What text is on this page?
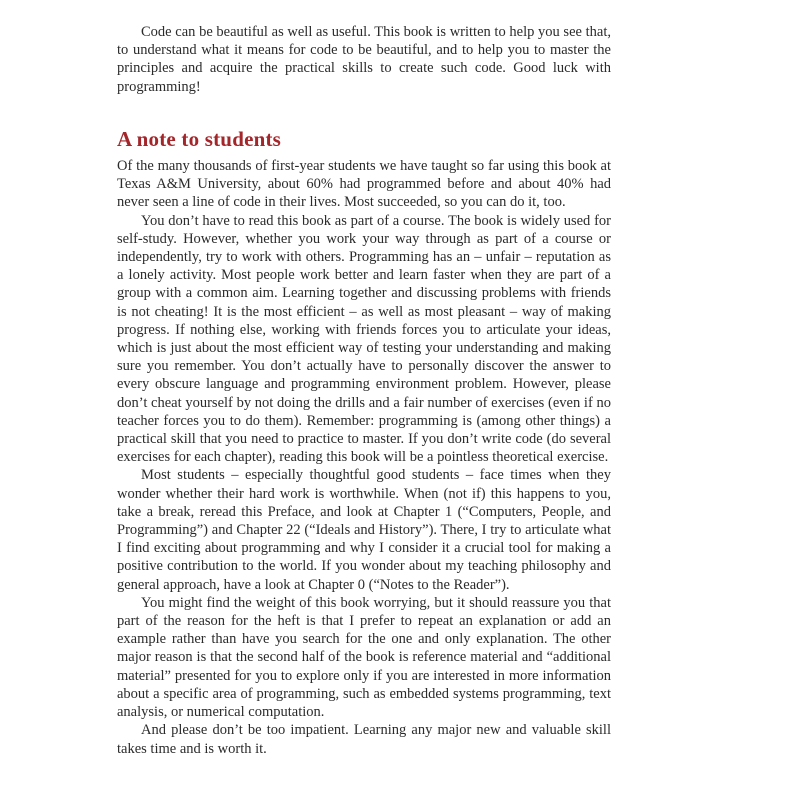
Code can be beautiful as well as useful. This book is written to help you see that, to understand what it means for code to be beautiful, and to help you to master the principles and acquire the practical skills to create such code. Good luck with programming!

A note to students

Of the many thousands of first-year students we have taught so far using this book at Texas A&M University, about 60% had programmed before and about 40% had never seen a line of code in their lives. Most succeeded, so you can do it, too.

You don’t have to read this book as part of a course. The book is widely used for self-study. However, whether you work your way through as part of a course or independently, try to work with others. Programming has an – unfair – reputation as a lonely activity. Most people work better and learn faster when they are part of a group with a common aim. Learning together and discussing problems with friends is not cheating! It is the most efficient – as well as most pleasant – way of making progress. If nothing else, working with friends forces you to articulate your ideas, which is just about the most efficient way of testing your understanding and making sure you remember. You don’t actually have to personally discover the answer to every obscure language and programming environment problem. However, please don’t cheat yourself by not doing the drills and a fair number of exercises (even if no teacher forces you to do them). Remember: programming is (among other things) a practical skill that you need to practice to master. If you don’t write code (do several exercises for each chapter), reading this book will be a pointless theoretical exercise.

Most students – especially thoughtful good students – face times when they wonder whether their hard work is worthwhile. When (not if) this happens to you, take a break, reread this Preface, and look at Chapter 1 (“Computers, People, and Programming”) and Chapter 22 (“Ideals and History”). There, I try to articulate what I find exciting about programming and why I consider it a crucial tool for making a positive contribution to the world. If you wonder about my teaching philosophy and general approach, have a look at Chapter 0 (“Notes to the Reader”).

You might find the weight of this book worrying, but it should reassure you that part of the reason for the heft is that I prefer to repeat an explanation or add an example rather than have you search for the one and only explanation. The other major reason is that the second half of the book is reference material and “additional material” presented for you to explore only if you are interested in more information about a specific area of programming, such as embedded systems programming, text analysis, or numerical computation.

And please don’t be too impatient. Learning any major new and valuable skill takes time and is worth it.
